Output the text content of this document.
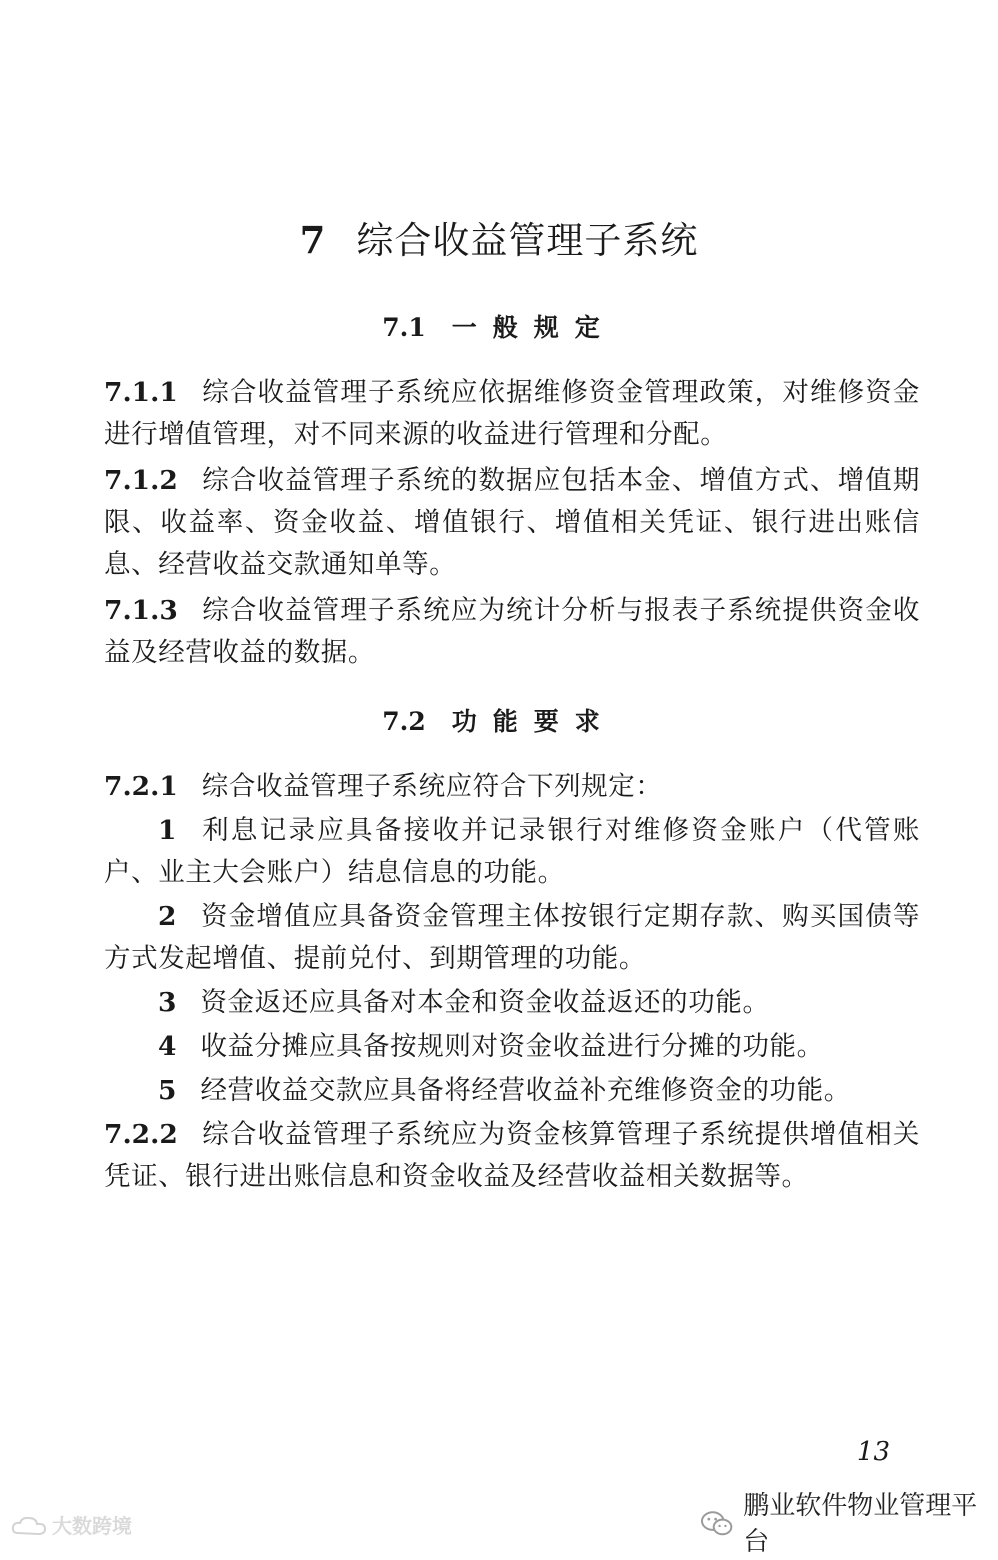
7 综合收益管理子系统
7.1 一般规定
7.1.1 综合收益管理子系统应依据维修资金管理政策，对维修资金进行增值管理，对不同来源的收益进行管理和分配。
7.1.2 综合收益管理子系统的数据应包括本金、增值方式、增值期限、收益率、资金收益、增值银行、增值相关凭证、银行进出账信息、经营收益交款通知单等。
7.1.3 综合收益管理子系统应为统计分析与报表子系统提供资金收益及经营收益的数据。
7.2 功能要求
7.2.1 综合收益管理子系统应符合下列规定：
1 利息记录应具备接收并记录银行对维修资金账户（代管账户、业主大会账户）结息信息的功能。
2 资金增值应具备资金管理主体按银行定期存款、购买国债等方式发起增值、提前兑付、到期管理的功能。
3 资金返还应具备对本金和资金收益返还的功能。
4 收益分摊应具备按规则对资金收益进行分摊的功能。
5 经营收益交款应具备将经营收益补充维修资金的功能。
7.2.2 综合收益管理子系统应为资金核算管理子系统提供增值相关凭证、银行进出账信息和资金收益及经营收益相关数据等。
13
鹏业软件物业管理平台
大数跨境
